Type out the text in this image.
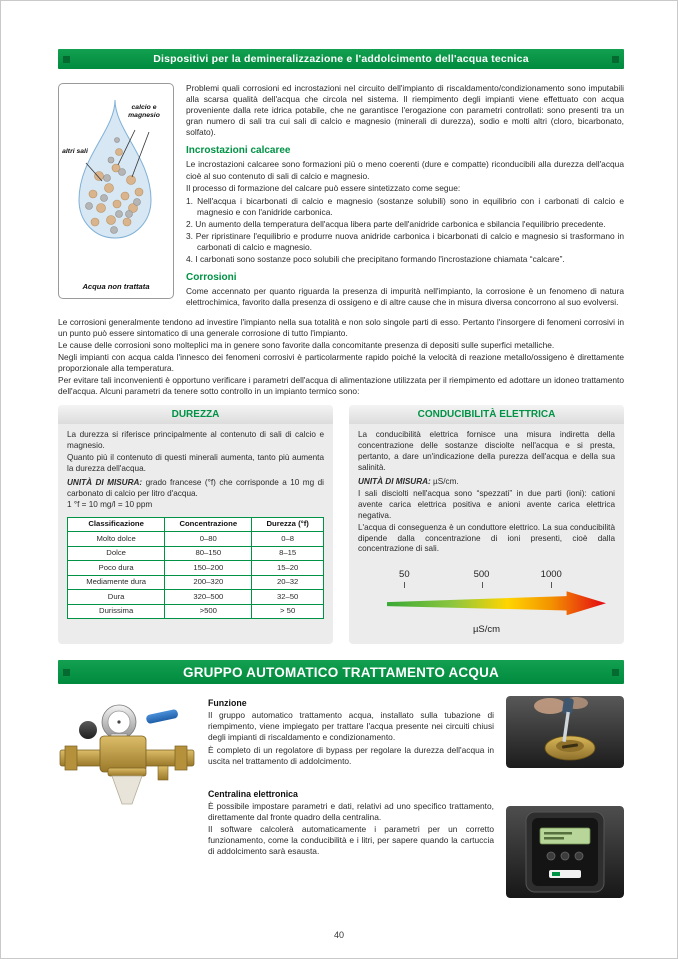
Dispositivi per la demineralizzazione e l'addolcimento dell'acqua tecnica
calcio e magnesio
altri sali
Acqua non trattata

Problemi quali corrosioni ed incrostazioni nel circuito dell'impianto di riscaldamento/condizionamento sono imputabili alla scarsa qualità dell'acqua che circola nel sistema. Il riempimento degli impianti viene effettuato con acqua proveniente dalla rete idrica potabile, che ne garantisce l'erogazione con parametri controllati: sono presenti tra un gran numero di sali tra cui sali di calcio e magnesio (minerali di durezza), sodio e molti altri (cloro, bicarbonato, solfato).

Incrostazioni calcaree

Le incrostazioni calcaree sono formazioni più o meno coerenti (dure e compatte) riconducibili alla durezza dell'acqua cioè al suo contenuto di sali di calcio e magnesio.

Il processo di formazione del calcare può essere sintetizzato come segue:

1. Nell'acqua i bicarbonati di calcio e magnesio (sostanze solubili) sono in equilibrio con i carbonati di calcio e magnesio e con l'anidride carbonica.
2. Un aumento della temperatura dell'acqua libera parte dell'anidride carbonica e sbilancia l'equilibrio precedente.
3. Per ripristinare l'equilibrio e produrre nuova anidride carbonica i bicarbonati di calcio e magnesio si trasformano in carbonati di calcio e magnesio.
4. I carbonati sono sostanze poco solubili che precipitano formando l'incrostazione chiamata “calcare”.
Corrosioni

Come accennato per quanto riguarda la presenza di impurità nell'impianto, la corrosione è un fenomeno di natura elettrochimica, favorito dalla presenza di ossigeno e di altre cause che in misura diversa concorrono al suo evolversi.

Le corrosioni generalmente tendono ad investire l'impianto nella sua totalità e non solo singole parti di esso. Pertanto l'insorgere di fenomeni corrosivi in un punto può essere sintomatico di una generale corrosione di tutto l'impianto.

Le cause delle corrosioni sono molteplici ma in genere sono favorite dalla concomitante presenza di depositi sulle superfici metalliche.

Negli impianti con acqua calda l'innesco dei fenomeni corrosivi è particolarmente rapido poiché la velocità di reazione metallo/ossigeno è direttamente proporzionale alla temperatura.

Per evitare tali inconvenienti è opportuno verificare i parametri dell'acqua di alimentazione utilizzata per il riempimento ed adottare un idoneo trattamento dell'acqua. Alcuni parametri da tenere sotto controllo in un impianto termico sono:

DUREZZA

La durezza si riferisce principalmente al contenuto di sali di calcio e magnesio.

Quanto più il contenuto di questi minerali aumenta, tanto più aumenta la durezza dell'acqua.

UNITÀ DI MISURA: grado francese (°f) che corrisponde a 10 mg di carbonato di calcio per litro d'acqua.

1 °f = 10 mg/l = 10 ppm

Classificazione	Concentrazione	Durezza (°f)
Molto dolce	0–80	0–8
Dolce	80–150	8–15
Poco dura	150–200	15–20
Mediamente dura	200–320	20–32
Dura	320–500	32–50
Durissima	>500	> 50
CONDUCIBILITÀ ELETTRICA

La conducibilità elettrica fornisce una misura indiretta della concentrazione delle sostanze disciolte nell'acqua e si presta, pertanto, a dare un'indicazione della purezza dell'acqua e della sua salinità.

UNITÀ DI MISURA: µS/cm.

I sali disciolti nell'acqua sono “spezzati” in due parti (ioni): cationi avente carica elettrica positiva e anioni avente carica elettrica negativa.

L'acqua di conseguenza è un conduttore elettrico. La sua conducibilità dipende dalla concentrazione di ioni presenti, cioè dalla concentrazione di sali.

50	500	1000
µS/cm
GRUPPO AUTOMATICO TRATTAMENTO ACQUA
Funzione

Il gruppo automatico trattamento acqua, installato sulla tubazione di riempimento, viene impiegato per trattare l'acqua presente nei circuiti chiusi degli impianti di riscaldamento e condizionamento.

È completo di un regolatore di bypass per regolare la durezza dell'acqua in uscita nel trattamento di addolcimento.

Centralina elettronica

È possibile impostare parametri e dati, relativi ad uno specifico trattamento, direttamente dal fronte quadro della centralina.

Il software calcolerà automaticamente i parametri per un corretto funzionamento, come la conducibilità e i litri, per sapere quando la cartuccia di addolcimento sarà esausta.

40
